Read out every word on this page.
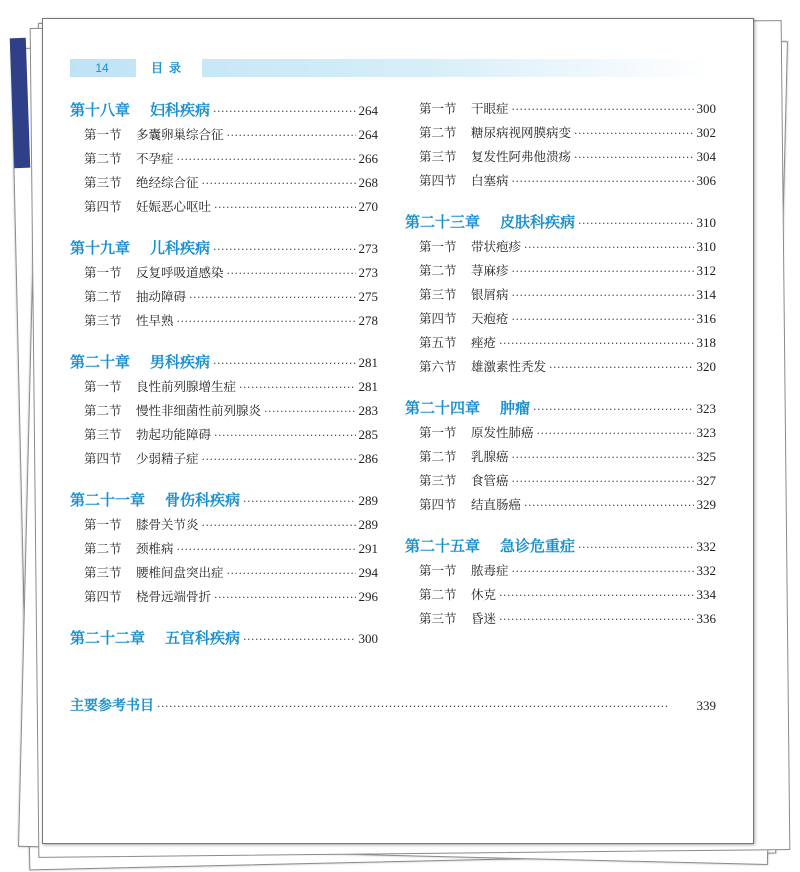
14	目录
第十八章 妇科疾病 ·····	264
第一节	多囊卵巢综合征 ·····	264
第二节	不孕症 ·····	266
第三节	绝经综合征 ·····	268
第四节	妊娠恶心呕吐 ·····	270
第十九章 儿科疾病 ·····	273
第一节	反复呼吸道感染 ·····	273
第二节	抽动障碍 ·····	275
第三节	性早熟 ·····	278
第二十章 男科疾病 ·····	281
第一节	良性前列腺增生症 ·····	281
第二节	慢性非细菌性前列腺炎 ·····	283
第三节	勃起功能障碍 ·····	285
第四节	少弱精子症 ·····	286
第二十一章 骨伤科疾病 ·····	289
第一节	膝骨关节炎 ·····	289
第二节	颈椎病 ·····	291
第三节	腰椎间盘突出症 ·····	294
第四节	桡骨远端骨折 ·····	296
第二十二章 五官科疾病 ·····	300
第一节	干眼症 ·····	300
第二节	糖尿病视网膜病变 ·····	302
第三节	复发性阿弗他溃疡 ·····	304
第四节	白塞病 ·····	306
第二十三章 皮肤科疾病 ·····	310
第一节	带状疱疹 ·····	310
第二节	荨麻疹 ·····	312
第三节	银屑病 ·····	314
第四节	天疱疮 ·····	316
第五节	痤疮 ·····	318
第六节	雄激素性秃发 ·····	320
第二十四章 肿瘤 ·····	323
第一节	原发性肺癌 ·····	323
第二节	乳腺癌 ·····	325
第三节	食管癌 ·····	327
第四节	结直肠癌 ·····	329
第二十五章 急诊危重症 ·····	332
第一节	脓毒症 ·····	332
第二节	休克 ·····	334
第三节	昏迷 ·····	336
主要参考书目 ·····	339
